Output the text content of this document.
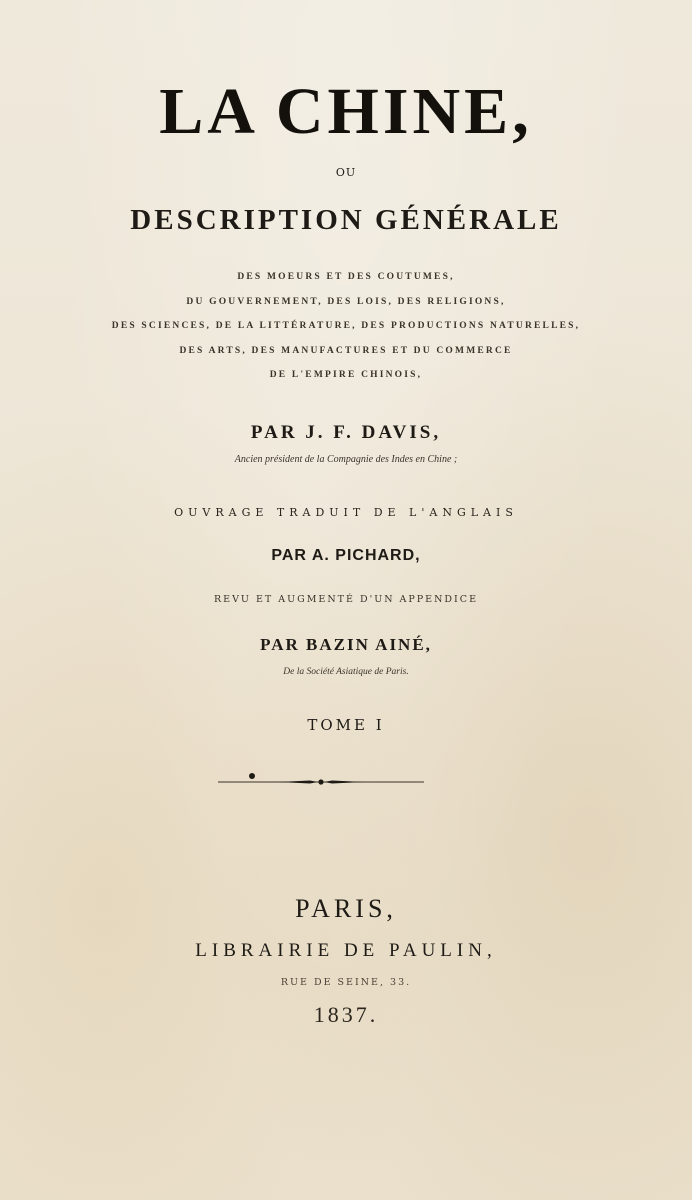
LA CHINE,
OU
DESCRIPTION GÉNÉRALE
DES MOEURS ET DES COUTUMES,
DU GOUVERNEMENT, DES LOIS, DES RELIGIONS,
DES SCIENCES, DE LA LITTÉRATURE, DES PRODUCTIONS NATURELLES,
DES ARTS, DES MANUFACTURES ET DU COMMERCE
DE L'EMPIRE CHINOIS,
PAR J. F. DAVIS,
Ancien président de la Compagnie des Indes en Chine ;
OUVRAGE TRADUIT DE L'ANGLAIS
PAR A. PICHARD,
REVU ET AUGMENTÉ D'UN APPENDICE
PAR BAZIN AINÉ,
De la Société Asiatique de Paris.
TOME I
PARIS,
LIBRAIRIE DE PAULIN,
RUE DE SEINE, 33.
1837.
